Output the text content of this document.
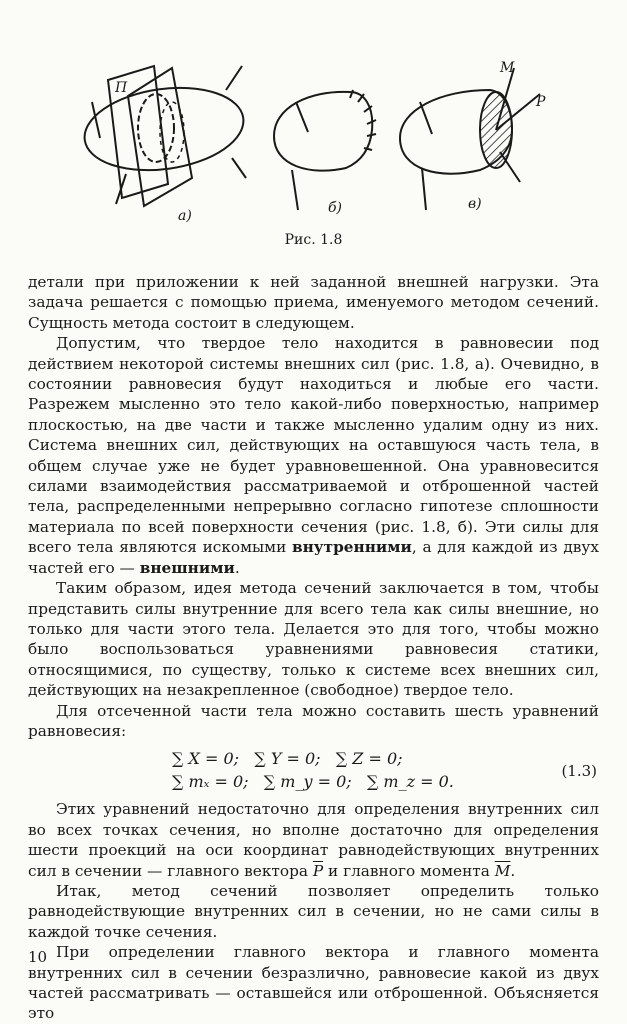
П
а)	б)	в)
M
P
Рис. 1.8

детали при приложении к ней заданной внешней нагрузки. Эта задача решается с помощью приема, именуемого методом сечений. Сущность метода состоит в следующем.

Допустим, что твердое тело находится в равновесии под действием некоторой системы внешних сил (рис. 1.8, а). Очевидно, в состоянии равновесия будут находиться и любые его части. Разрежем мысленно это тело какой-либо поверхностью, например плоскостью, на две части и также мысленно удалим одну из них. Система внешних сил, действующих на оставшуюся часть тела, в общем случае уже не будет уравновешенной. Она уравновесится силами взаимодействия рассматриваемой и отброшенной частей тела, распределенными непрерывно согласно гипотезе сплошности материала по всей поверхности сечения (рис. 1.8, б). Эти силы для всего тела являются искомыми внутренними, а для каждой из двух частей его — внешними.

Таким образом, идея метода сечений заключается в том, чтобы представить силы внутренние для всего тела как силы внешние, но только для части этого тела. Делается это для того, чтобы можно было воспользоваться уравнениями равновесия статики, относящимися, по существу, только к системе всех внешних сил, действующих на незакрепленное (свободное) твердое тело.

Для отсеченной части тела можно составить шесть уравнений равновесия:

∑ X = 0;   ∑ Y = 0;   ∑ Z = 0;
∑ mₓ = 0;   ∑ m_y = 0;   ∑ m_z = 0.
(1.3)

Этих уравнений недостаточно для определения внутренних сил во всех точках сечения, но вполне достаточно для определения шести проекций на оси координат равнодействующих внутренних сил в сечении — главного вектора $\overline{P}$ и главного момента $\overline{M}$.

Итак, метод сечений позволяет определить только равнодействующие внутренних сил в сечении, но не сами силы в каждой точке сечения.

При определении главного вектора и главного момента внутренних сил в сечении безразлично, равновесие какой из двух частей рассматривать — оставшейся или отброшенной. Объясняется это

10
